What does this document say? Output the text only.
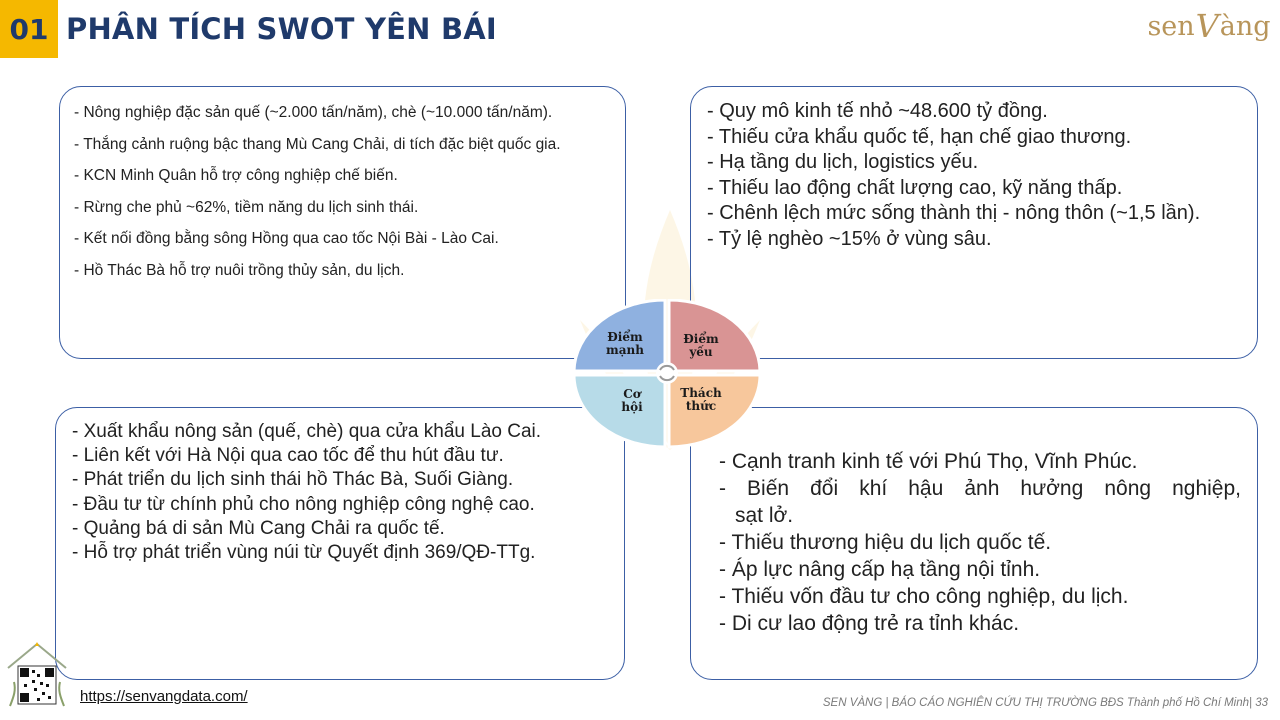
01 PHÂN TÍCH SWOT YÊN BÁI	sen V àng
- Nông nghiệp đặc sản quế (~2.000 tấn/năm), chè (~10.000 tấn/năm).
- Thắng cảnh ruộng bậc thang Mù Cang Chải, di tích đặc biệt quốc gia.
- KCN Minh Quân hỗ trợ công nghiệp chế biến.
- Rừng che phủ ~62%, tiềm năng du lịch sinh thái.
- Kết nối đồng bằng sông Hồng qua cao tốc Nội Bài - Lào Cai.
- Hồ Thác Bà hỗ trợ nuôi trồng thủy sản, du lịch.
- Quy mô kinh tế nhỏ ~48.600 tỷ đồng.
- Thiếu cửa khẩu quốc tế, hạn chế giao thương.
- Hạ tầng du lịch, logistics yếu.
- Thiếu lao động chất lượng cao, kỹ năng thấp.
- Chênh lệch mức sống thành thị - nông thôn (~1,5 lần).
- Tỷ lệ nghèo ~15% ở vùng sâu.
- Xuất khẩu nông sản (quế, chè) qua cửa khẩu Lào Cai.
- Liên kết với Hà Nội qua cao tốc để thu hút đầu tư.
- Phát triển du lịch sinh thái hồ Thác Bà, Suối Giàng.
- Đầu tư từ chính phủ cho nông nghiệp công nghệ cao.
- Quảng bá di sản Mù Cang Chải ra quốc tế.
- Hỗ trợ phát triển vùng núi từ Quyết định 369/QĐ-TTg.
- Cạnh tranh kinh tế với Phú Thọ, Vĩnh Phúc.
- Biến đổi khí hậu ảnh hưởng nông nghiệp,
sạt lở.
- Thiếu thương hiệu du lịch quốc tế.
- Áp lực nâng cấp hạ tầng nội tỉnh.
- Thiếu vốn đầu tư cho công nghiệp, du lịch.
- Di cư lao động trẻ ra tỉnh khác.
Điểm
mạnh
Điểm
yếu
Cơ
hội
Thách
thức
https://senvangdata.com/	SEN VÀNG | BÁO CÁO NGHIÊN CỨU THỊ TRƯỜNG BĐS Thành phố Hồ Chí Minh| 33
